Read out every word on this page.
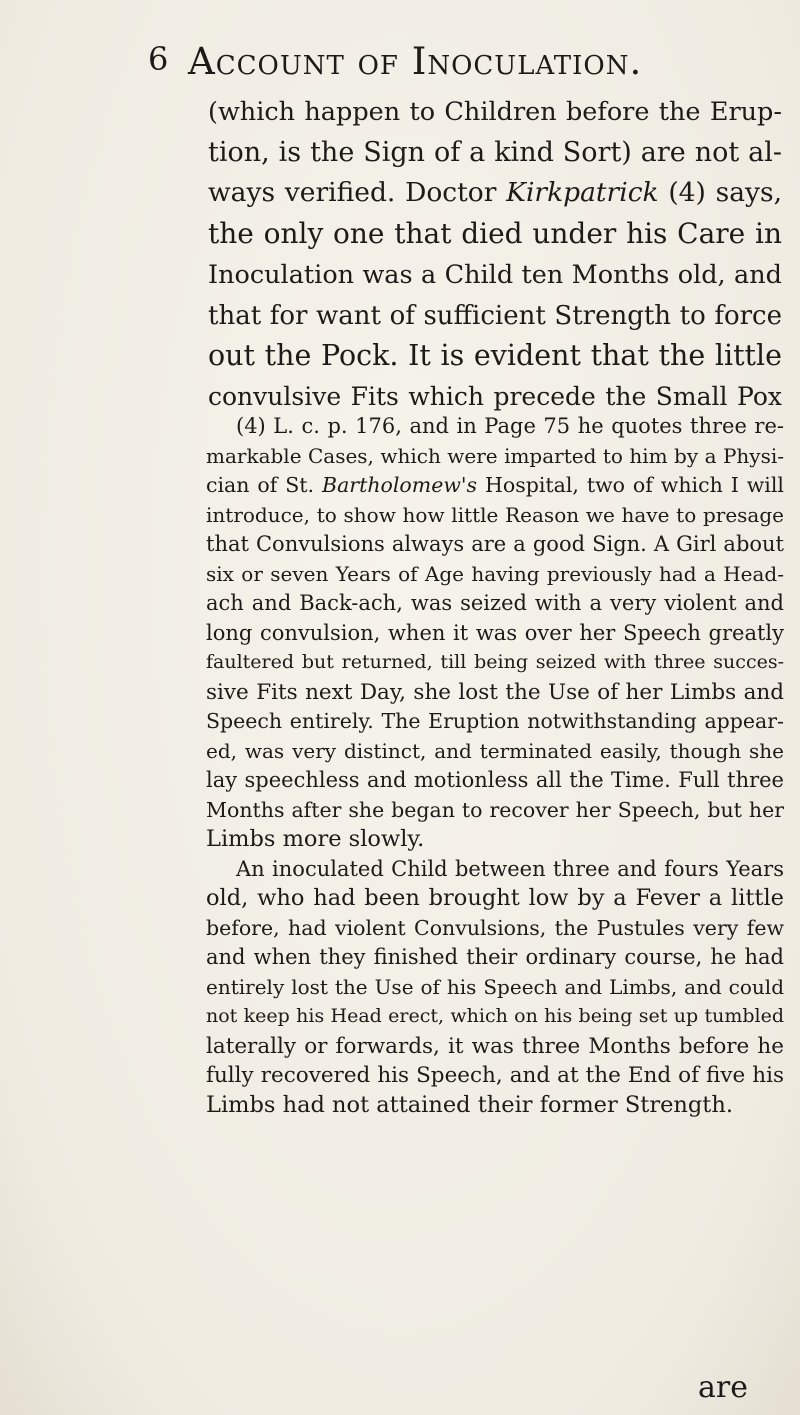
6 Account of Inoculation.
(which happen to Children before the Erup-
tion, is the Sign of a kind Sort) are not al-
ways verified. Doctor Kirkpatrick (4) says,
the only one that died under his Care in
Inoculation was a Child ten Months old, and
that for want of sufficient Strength to force
out the Pock. It is evident that the little
convulsive Fits which precede the Small Pox
(4) L. c. p. 176, and in Page 75 he quotes three re-
markable Cases, which were imparted to him by a Physi-
cian of St. Bartholomew's Hospital, two of which I will
introduce, to show how little Reason we have to presage
that Convulsions always are a good Sign. A Girl about
six or seven Years of Age having previously had a Head-
ach and Back-ach, was seized with a very violent and
long convulsion, when it was over her Speech greatly
faultered but returned, till being seized with three succes-
sive Fits next Day, she lost the Use of her Limbs and
Speech entirely. The Eruption notwithstanding appear-
ed, was very distinct, and terminated easily, though she
lay speechless and motionless all the Time. Full three
Months after she began to recover her Speech, but her
Limbs more slowly.
An inoculated Child between three and fours Years
old, who had been brought low by a Fever a little
before, had violent Convulsions, the Pustules very few
and when they finished their ordinary course, he had
entirely lost the Use of his Speech and Limbs, and could
not keep his Head erect, which on his being set up tumbled
laterally or forwards, it was three Months before he
fully recovered his Speech, and at the End of five his
Limbs had not attained their former Strength.
are
